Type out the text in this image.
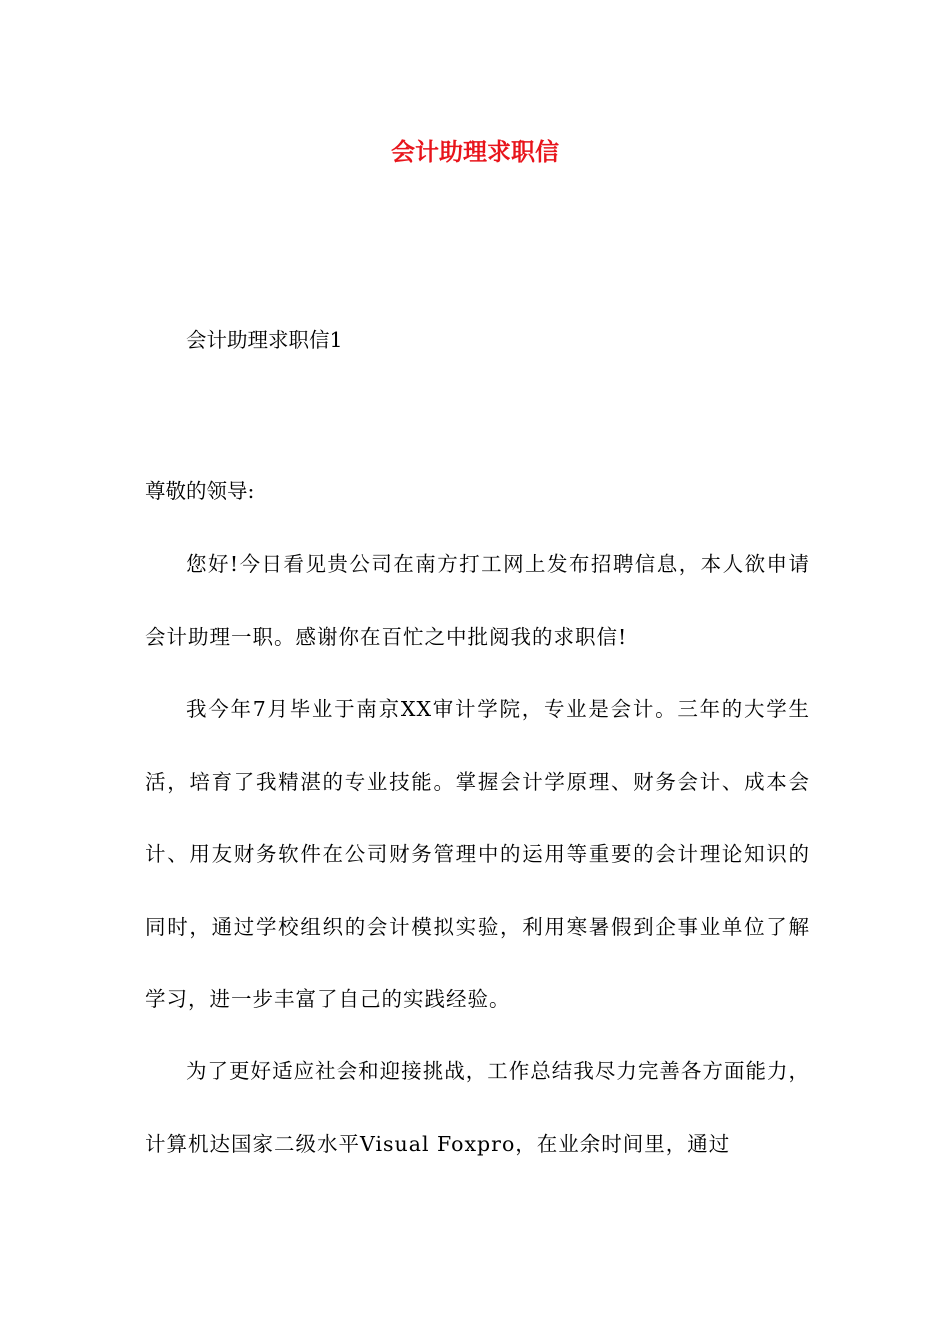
会计助理求职信
会计助理求职信1
尊敬的领导:
您好!今日看见贵公司在南方打工网上发布招聘信息，本人欲申请会计助理一职。感谢你在百忙之中批阅我的求职信!
我今年7月毕业于南京XX审计学院，专业是会计。三年的大学生活，培育了我精湛的专业技能。掌握会计学原理、财务会计、成本会计、用友财务软件在公司财务管理中的运用等重要的会计理论知识的同时，通过学校组织的会计模拟实验，利用寒暑假到企事业单位了解学习，进一步丰富了自己的实践经验。
为了更好适应社会和迎接挑战，工作总结我尽力完善各方面能力，计算机达国家二级水平Visual Foxpro，在业余时间里，通过
